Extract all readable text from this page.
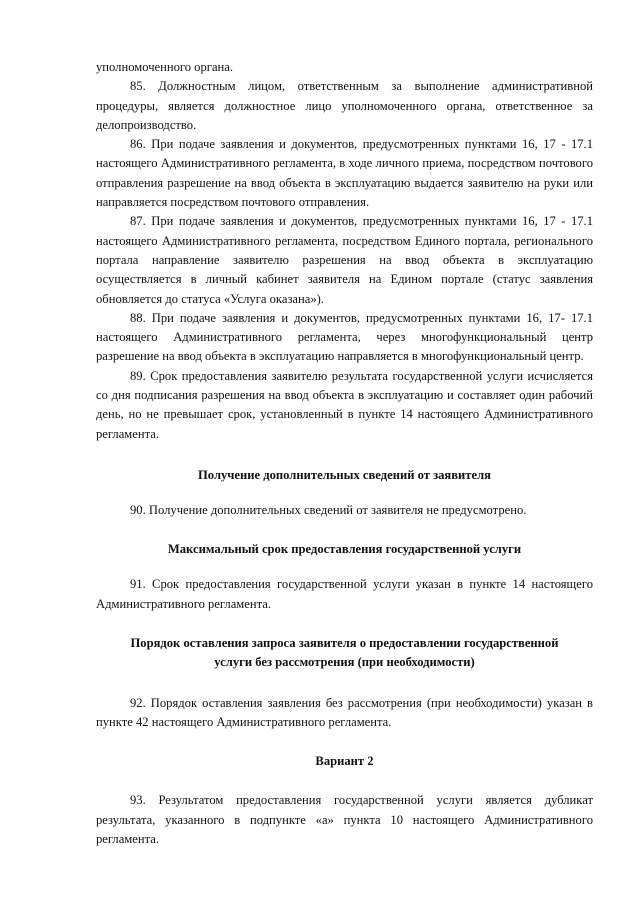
уполномоченного органа.

85. Должностным лицом, ответственным за выполнение административной процедуры, является должностное лицо уполномоченного органа, ответственное за делопроизводство.

86. При подаче заявления и документов, предусмотренных пунктами 16, 17 - 17.1 настоящего Административного регламента, в ходе личного приема, посредством почтового отправления разрешение на ввод объекта в эксплуатацию выдается заявителю на руки или направляется посредством почтового отправления.

87. При подаче заявления и документов, предусмотренных пунктами 16, 17 - 17.1 настоящего Административного регламента, посредством Единого портала, регионального портала направление заявителю разрешения на ввод объекта в эксплуатацию осуществляется в личный кабинет заявителя на Едином портале (статус заявления обновляется до статуса «Услуга оказана»).

88. При подаче заявления и документов, предусмотренных пунктами 16, 17- 17.1 настоящего Административного регламента, через многофункциональный центр разрешение на ввод объекта в эксплуатацию направляется в многофункциональный центр.

89. Срок предоставления заявителю результата государственной услуги исчисляется со дня подписания разрешения на ввод объекта в эксплуатацию и составляет один рабочий день, но не превышает срок, установленный в пункте 14 настоящего Административного регламента.

Получение дополнительных сведений от заявителя

90. Получение дополнительных сведений от заявителя не предусмотрено.

Максимальный срок предоставления государственной услуги

91. Срок предоставления государственной услуги указан в пункте 14 настоящего Административного регламента.

Порядок оставления запроса заявителя о предоставлении государственной
услуги без рассмотрения (при необходимости)

92. Порядок оставления заявления без рассмотрения (при необходимости) указан в пункте 42 настоящего Административного регламента.

Вариант 2

93. Результатом предоставления государственной услуги является дубликат результата, указанного в подпункте «а» пункта 10 настоящего Административного регламента.
